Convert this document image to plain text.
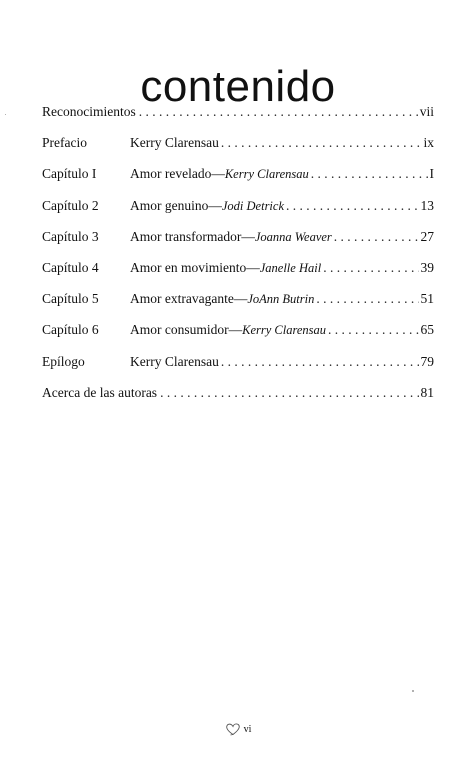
contenido
Reconocimientos . . .	vii
Prefacio	Kerry Clarensau . . .	ix
Capítulo I	Amor revelado—Kerry Clarensau . . .	I
Capítulo 2	Amor genuino—Jodi Detrick . . .	13
Capítulo 3	Amor transformador—Joanna Weaver . . .	27
Capítulo 4	Amor en movimiento—Janelle Hail . . .	39
Capítulo 5	Amor extravagante—JoAnn Butrin . . .	51
Capítulo 6	Amor consumidor—Kerry Clarensau . . .	65
Epílogo	Kerry Clarensau . . .	79
Acerca de las autoras . . .	81
vi
